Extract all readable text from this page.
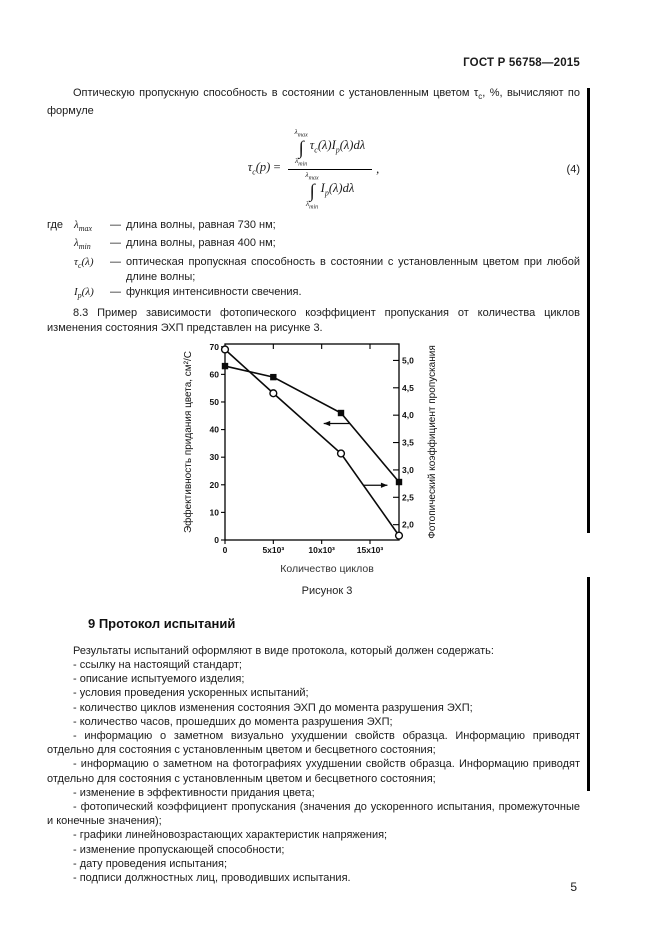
ГОСТ Р 56758—2015

Оптическую пропускную способность в состоянии с установленным цветом $\tau_с$, %, вычисляют по формуле

$\tau_с(p)$ =
$\lambda_{max}$
∫
$\lambda_{min}$
$\tau_с(\lambda)I_p(\lambda)d\lambda$
$\lambda_{max}$
∫
$\lambda_{min}$
$I_p(\lambda)d\lambda$
,	(4)
где $\lambda_{max}$	— длина волны, равная 730 нм;
$\lambda_{min}$	— длина волны, равная 400 нм;
$\tau_с(\lambda)$	— оптическая пропускная способность в состоянии с установленным цветом при любой длине волны;
$I_p(\lambda)$	— функция интенсивности свечения.

8.3 Пример зависимости фотопического коэффициент пропускания от количества циклов изменения состояния ЭХП представлен на рисунке 3.

0	5x10³	10x10³	15x10³
0
10
20
30
40
50
60
70
2,0
2,5
3,0
3,5
4,0
4,5
5,0
Эффективность придания цвета, см²/С	Фотопический коэффициент пропускания
Количество циклов
Рисунок 3
9 Протокол испытаний

Результаты испытаний оформляют в виде протокола, который должен содержать:

- ссылку на настоящий стандарт;

- описание испытуемого изделия;

- условия проведения ускоренных испытаний;

- количество циклов изменения состояния ЭХП до момента разрушения ЭХП;

- количество часов, прошедших до момента разрушения ЭХП;

- информацию о заметном визуально ухудшении свойств образца. Информацию приводят отдельно для состояния с установленным цветом и бесцветного состояния;

- информацию о заметном на фотографиях ухудшении свойств образца. Информацию приводят отдельно для состояния с установленным цветом и бесцветного состояния;

- изменение в эффективности придания цвета;

- фотопический коэффициент пропускания (значения до ускоренного испытания, промежуточные и конечные значения);

- графики линейновозрастающих характеристик напряжения;

- изменение пропускающей способности;

- дату проведения испытания;

- подписи должностных лиц, проводивших испытания.

5
